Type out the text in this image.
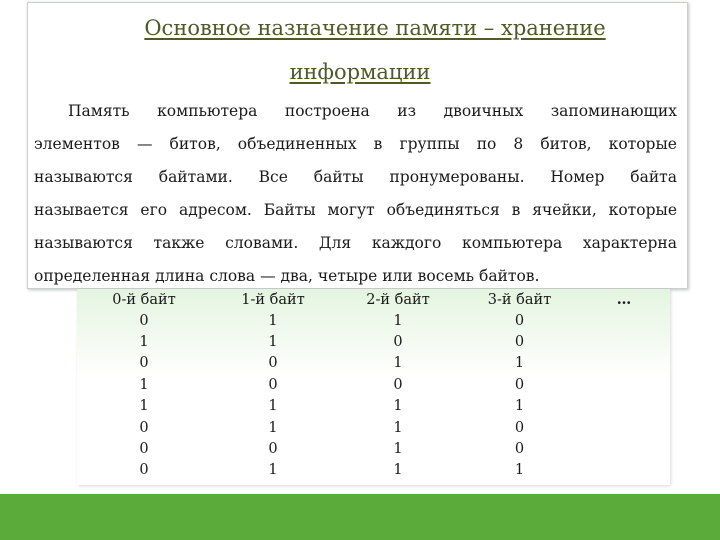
Основное назначение памяти – хранение
информации
Память компьютера построена из двоичных запоминающих
элементов — битов, объединенных в группы по 8 битов, которые
называются байтами. Все байты пронумерованы. Номер байта
называется его адресом. Байты могут объединяться в ячейки, которые
называются также словами. Для каждого компьютера характерна
определенная длина слова — два, четыре или восемь байтов.
0-й байт	1-й байт	2-й байт	3-й байт	…
0	1	1	0	
1	1	0	0	
0	0	1	1	
1	0	0	0	
1	1	1	1	
0	1	1	0	
0	0	1	0	
0	1	1	1	
